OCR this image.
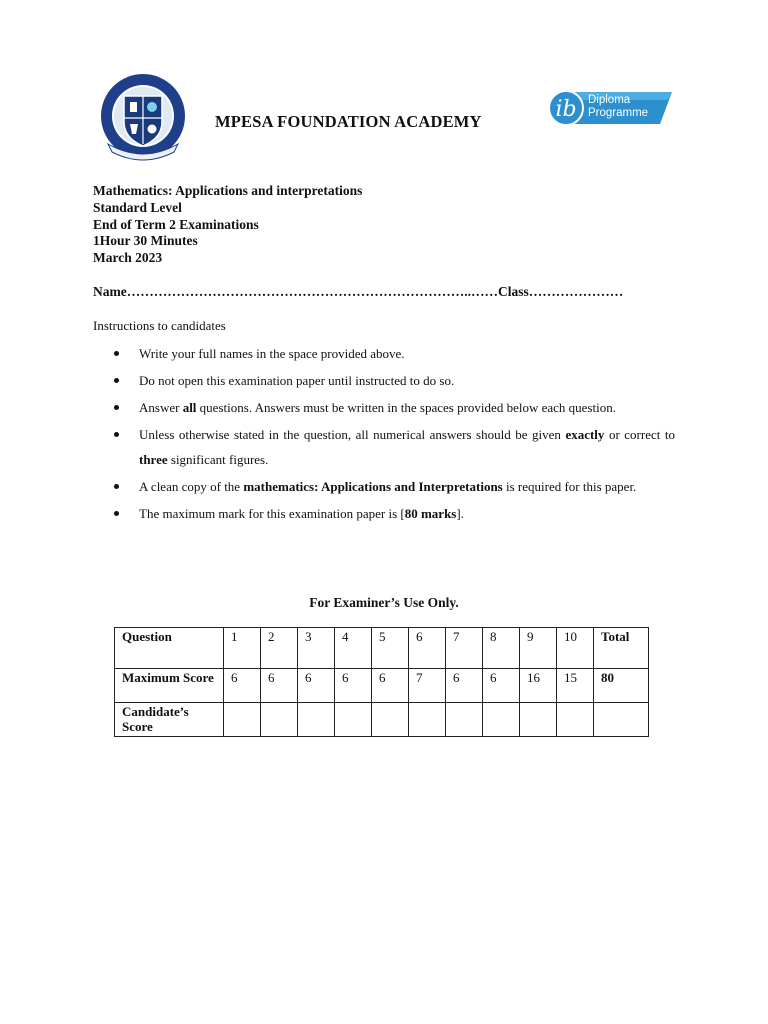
MPESA FOUNDATION ACADEMY	ib Diploma
Programme
Mathematics: Applications and interpretations
Standard Level
End of Term 2 Examinations
1Hour 30 Minutes
March 2023
Name…………………………………………………………………..……Class…………………
Instructions to candidates
Write your full names in the space provided above.
Do not open this examination paper until instructed to do so.
Answer all questions. Answers must be written in the spaces provided below each question.
Unless otherwise stated in the question, all numerical answers should be given exactly or correct to three significant figures.
A clean copy of the mathematics: Applications and Interpretations is required for this paper.
The maximum mark for this examination paper is [80 marks].
For Examiner’s Use Only.
Question	1	2	3	4	5	6	7	8	9	10	Total
Maximum Score	6	6	6	6	6	7	6	6	16	15	80
Candidate’s Score											
